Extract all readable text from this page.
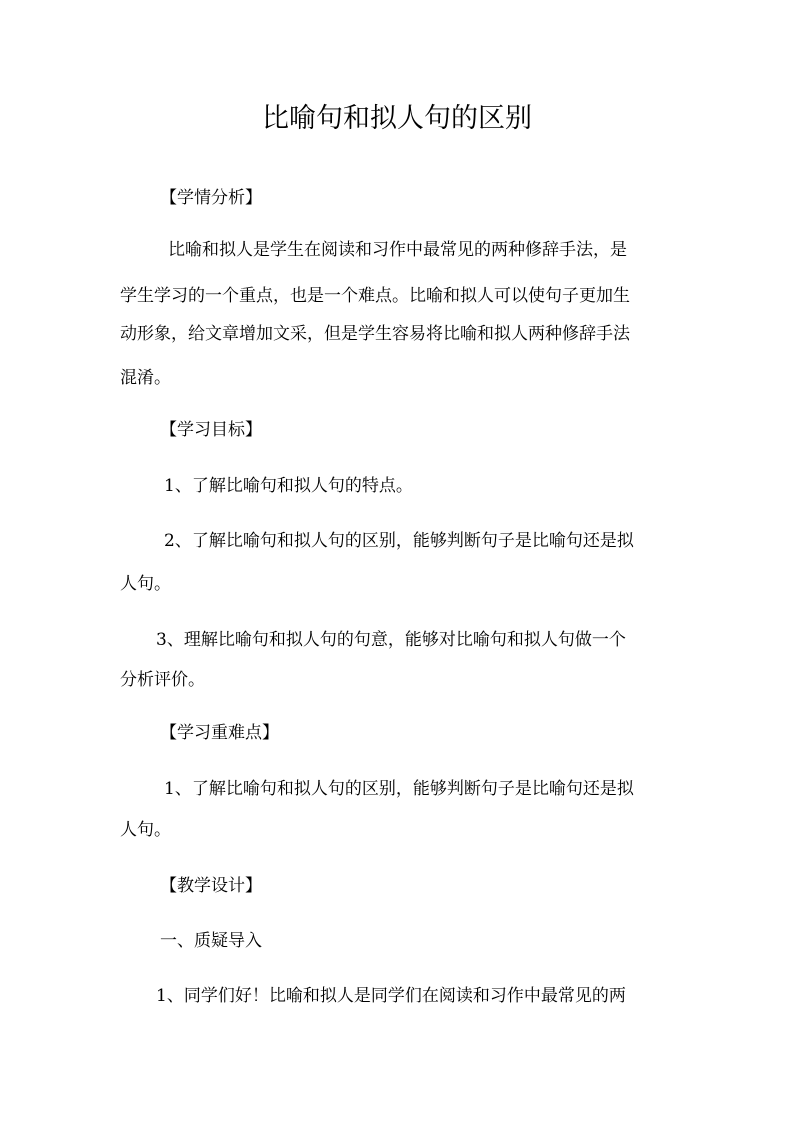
比喻句和拟人句的区别
【学情分析】
比喻和拟人是学生在阅读和习作中最常见的两种修辞手法，是
学生学习的一个重点，也是一个难点。比喻和拟人可以使句子更加生
动形象，给文章增加文采，但是学生容易将比喻和拟人两种修辞手法
混淆。
【学习目标】
1、了解比喻句和拟人句的特点。
2、了解比喻句和拟人句的区别，能够判断句子是比喻句还是拟
人句。
3、理解比喻句和拟人句的句意，能够对比喻句和拟人句做一个
分析评价。
【学习重难点】
1、了解比喻句和拟人句的区别，能够判断句子是比喻句还是拟
人句。
【教学设计】
一、质疑导入
1、同学们好！比喻和拟人是同学们在阅读和习作中最常见的两
